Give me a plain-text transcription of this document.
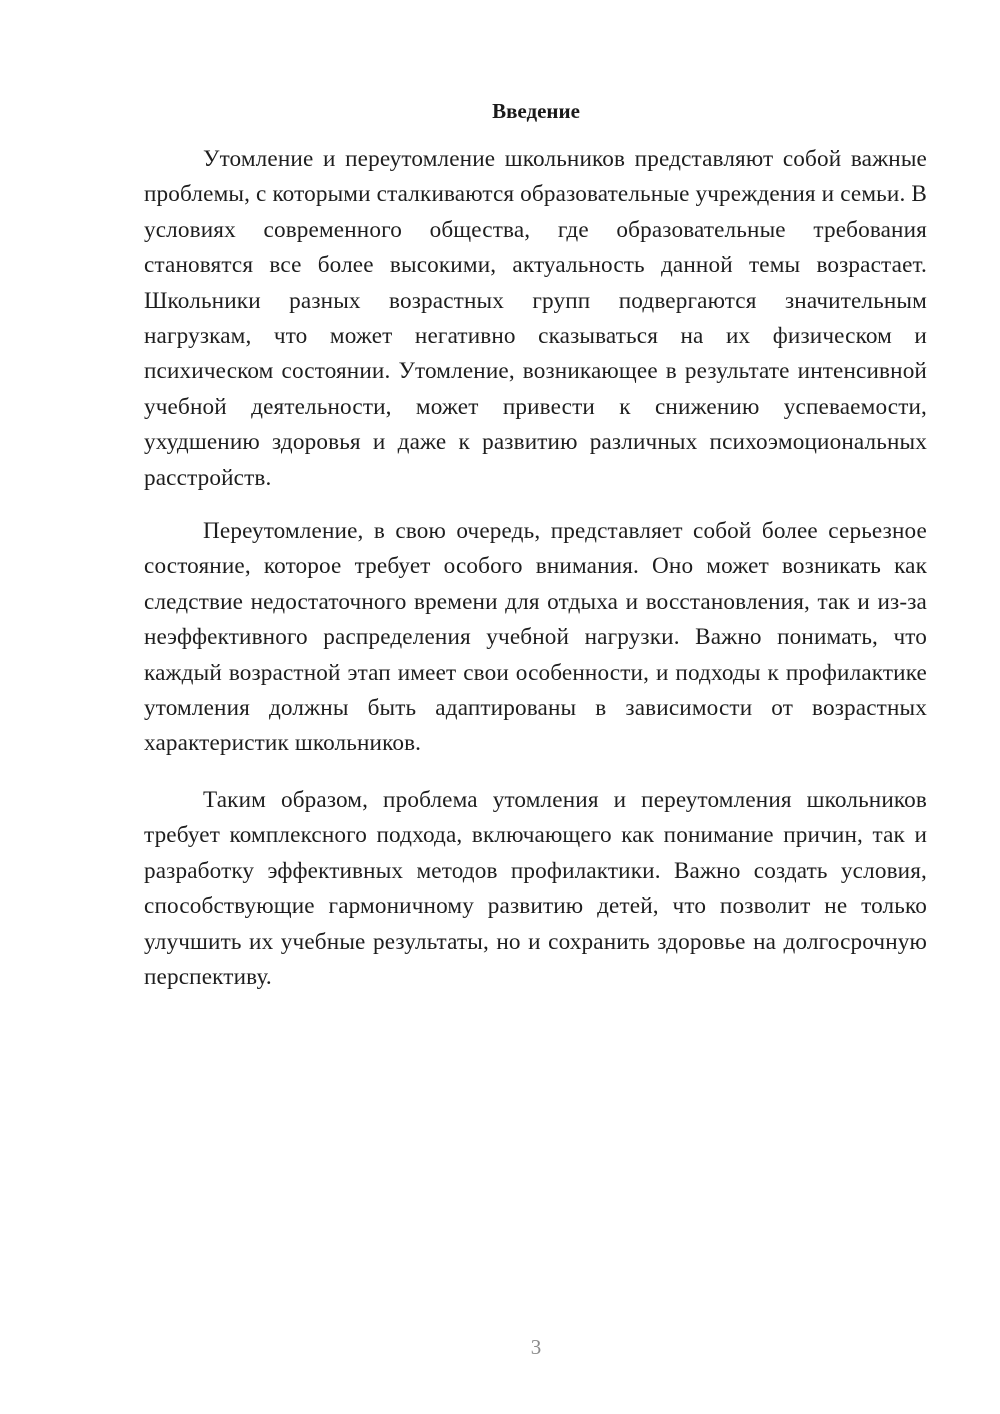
Введение

Утомление и переутомление школьников представляют собой важные проблемы, с которыми сталкиваются образовательные учреждения и семьи. В условиях современного общества, где образовательные требования становятся все более высокими, актуальность данной темы возрастает. Школьники разных возрастных групп подвергаются значительным нагрузкам, что может негативно сказываться на их физическом и психическом состоянии. Утомление, возникающее в результате интенсивной учебной деятельности, может привести к снижению успеваемости, ухудшению здоровья и даже к развитию различных психоэмоциональных расстройств.

Переутомление, в свою очередь, представляет собой более серьезное состояние, которое требует особого внимания. Оно может возникать как следствие недостаточного времени для отдыха и восстановления, так и из-за неэффективного распределения учебной нагрузки. Важно понимать, что каждый возрастной этап имеет свои особенности, и подходы к профилактике утомления должны быть адаптированы в зависимости от возрастных характеристик школьников.

Таким образом, проблема утомления и переутомления школьников требует комплексного подхода, включающего как понимание причин, так и разработку эффективных методов профилактики. Важно создать условия, способствующие гармоничному развитию детей, что позволит не только улучшить их учебные результаты, но и сохранить здоровье на долгосрочную перспективу.

3
